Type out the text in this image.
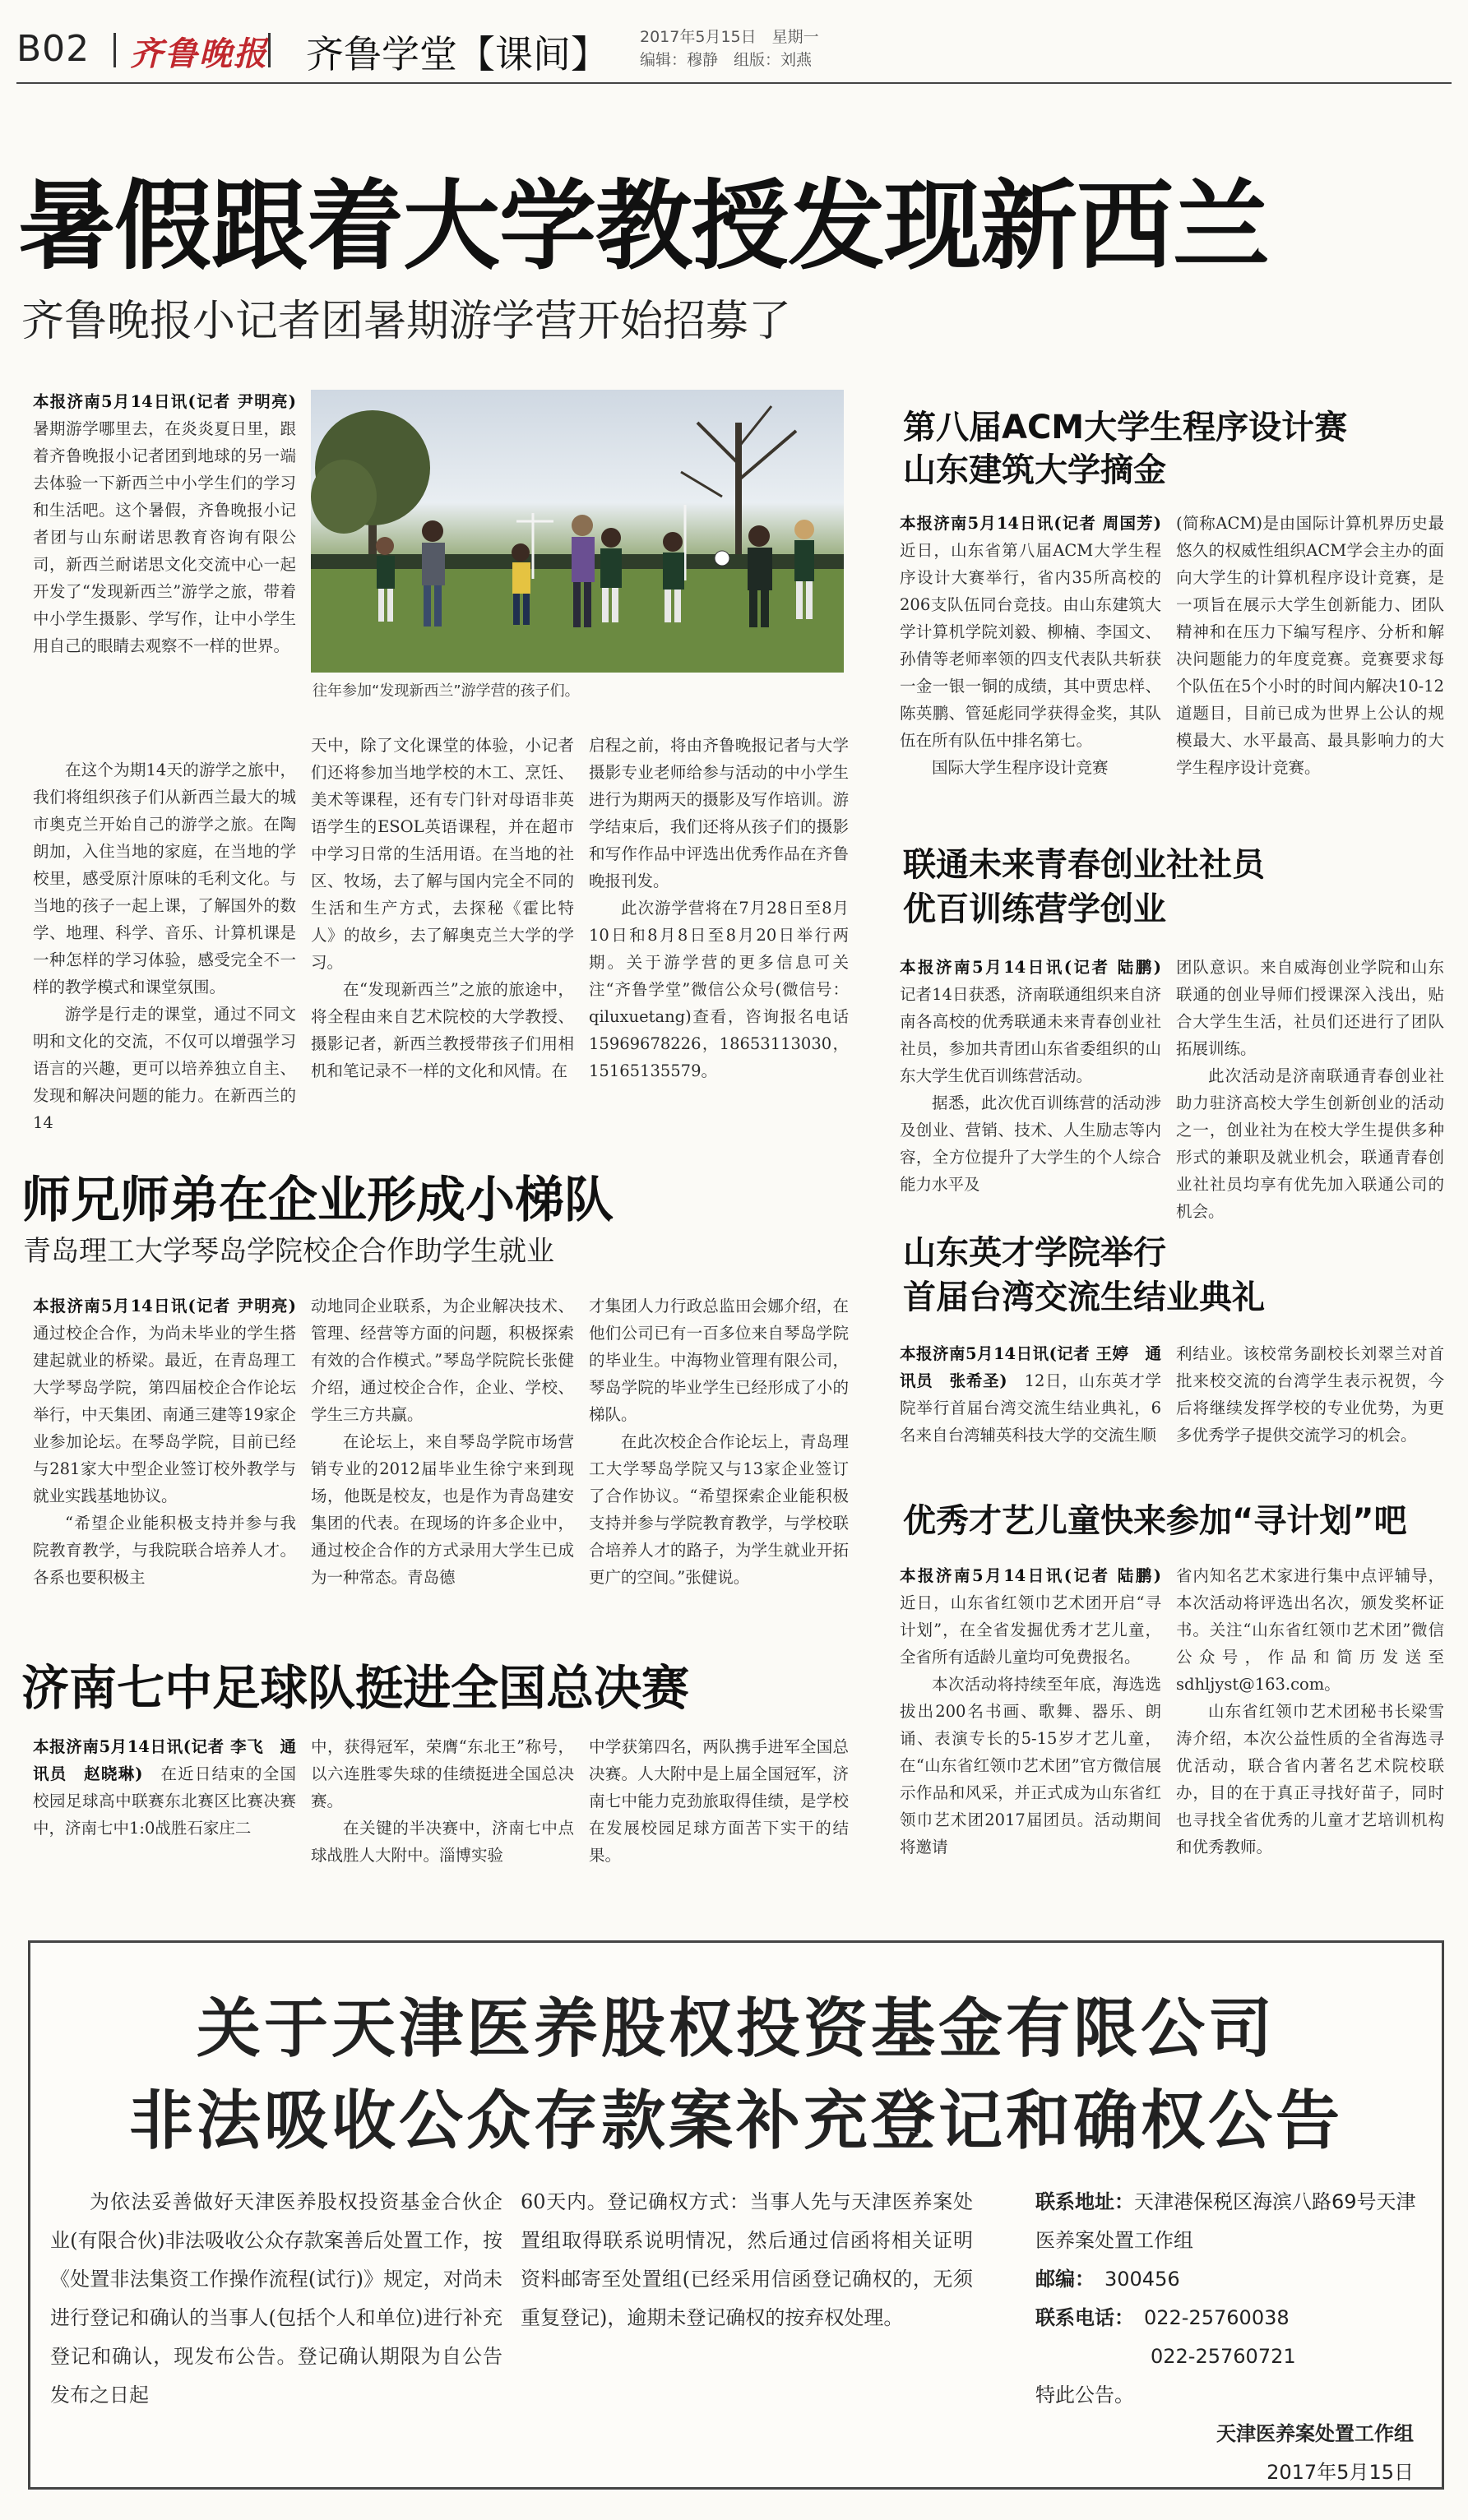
B02 齐鲁晚报 齐鲁学堂【课间】 2017年5月15日　星期一
编辑：穆静　组版：刘燕
暑假跟着大学教授发现新西兰
齐鲁晚报小记者团暑期游学营开始招募了

本报济南5月14日讯(记者 尹明亮)　暑期游学哪里去，在炎炎夏日里，跟着齐鲁晚报小记者团到地球的另一端去体验一下新西兰中小学生们的学习和生活吧。这个暑假，齐鲁晚报小记者团与山东耐诺思教育咨询有限公司，新西兰耐诺思文化交流中心一起开发了“发现新西兰”游学之旅，带着中小学生摄影、学写作，让中小学生用自己的眼睛去观察不一样的世界。

往年参加“发现新西兰”游学营的孩子们。

在这个为期14天的游学之旅中，我们将组织孩子们从新西兰最大的城市奥克兰开始自己的游学之旅。在陶朗加，入住当地的家庭，在当地的学校里，感受原汁原味的毛利文化。与当地的孩子一起上课，了解国外的数学、地理、科学、音乐、计算机课是一种怎样的学习体验，感受完全不一样的教学模式和课堂氛围。

游学是行走的课堂，通过不同文明和文化的交流，不仅可以增强学习语言的兴趣，更可以培养独立自主、发现和解决问题的能力。在新西兰的14

天中，除了文化课堂的体验，小记者们还将参加当地学校的木工、烹饪、美术等课程，还有专门针对母语非英语学生的ESOL英语课程，并在超市中学习日常的生活用语。在当地的社区、牧场，去了解与国内完全不同的生活和生产方式，去探秘《霍比特人》的故乡，去了解奥克兰大学的学习。

在“发现新西兰”之旅的旅途中，将全程由来自艺术院校的大学教授、摄影记者，新西兰教授带孩子们用相机和笔记录不一样的文化和风情。在

启程之前，将由齐鲁晚报记者与大学摄影专业老师给参与活动的中小学生进行为期两天的摄影及写作培训。游学结束后，我们还将从孩子们的摄影和写作作品中评选出优秀作品在齐鲁晚报刊发。

此次游学营将在7月28日至8月10日和8月8日至8月20日举行两期。关于游学营的更多信息可关注“齐鲁学堂”微信公众号(微信号：qiluxuetang)查看，咨询报名电话15969678226，18653113030，15165135579。

第八届ACM大学生程序设计赛
山东建筑大学摘金

本报济南5月14日讯(记者 周国芳)　近日，山东省第八届ACM大学生程序设计大赛举行，省内35所高校的206支队伍同台竞技。由山东建筑大学计算机学院刘毅、柳楠、李国文、孙倩等老师率领的四支代表队共斩获一金一银一铜的成绩，其中贾忠样、陈英鹏、管延彪同学获得金奖，其队伍在所有队伍中排名第七。

国际大学生程序设计竞赛

(简称ACM)是由国际计算机界历史最悠久的权威性组织ACM学会主办的面向大学生的计算机程序设计竞赛，是一项旨在展示大学生创新能力、团队精神和在压力下编写程序、分析和解决问题能力的年度竞赛。竞赛要求每个队伍在5个小时的时间内解决10-12道题目，目前已成为世界上公认的规模最大、水平最高、最具影响力的大学生程序设计竞赛。

联通未来青春创业社社员
优百训练营学创业

本报济南5月14日讯(记者 陆鹏)　记者14日获悉，济南联通组织来自济南各高校的优秀联通未来青春创业社社员，参加共青团山东省委组织的山东大学生优百训练营活动。

据悉，此次优百训练营的活动涉及创业、营销、技术、人生励志等内容，全方位提升了大学生的个人综合能力水平及

团队意识。来自威海创业学院和山东联通的创业导师们授课深入浅出，贴合大学生生活，社员们还进行了团队拓展训练。

此次活动是济南联通青春创业社助力驻济高校大学生创新创业的活动之一，创业社为在校大学生提供多种形式的兼职及就业机会，联通青春创业社社员均享有优先加入联通公司的机会。

师兄师弟在企业形成小梯队
青岛理工大学琴岛学院校企合作助学生就业

本报济南5月14日讯(记者 尹明亮)　通过校企合作，为尚未毕业的学生搭建起就业的桥梁。最近，在青岛理工大学琴岛学院，第四届校企合作论坛举行，中天集团、南通三建等19家企业参加论坛。在琴岛学院，目前已经与281家大中型企业签订校外教学与就业实践基地协议。

“希望企业能积极支持并参与我院教育教学，与我院联合培养人才。各系也要积极主

动地同企业联系，为企业解决技术、管理、经营等方面的问题，积极探索有效的合作模式。”琴岛学院院长张健介绍，通过校企合作，企业、学校、学生三方共赢。

在论坛上，来自琴岛学院市场营销专业的2012届毕业生徐宁来到现场，他既是校友，也是作为青岛建安集团的代表。在现场的许多企业中，通过校企合作的方式录用大学生已成为一种常态。青岛德

才集团人力行政总监田会娜介绍，在他们公司已有一百多位来自琴岛学院的毕业生。中海物业管理有限公司，琴岛学院的毕业学生已经形成了小的梯队。

在此次校企合作论坛上，青岛理工大学琴岛学院又与13家企业签订了合作协议。“希望探索企业能积极支持并参与学院教育教学，与学校联合培养人才的路子，为学生就业开拓更广的空间。”张健说。

山东英才学院举行
首届台湾交流生结业典礼

本报济南5月14日讯(记者 王婷　通讯员　张希圣)　 12日，山东英才学院举行首届台湾交流生结业典礼，6名来自台湾辅英科技大学的交流生顺

利结业。该校常务副校长刘翠兰对首批来校交流的台湾学生表示祝贺，今后将继续发挥学校的专业优势，为更多优秀学子提供交流学习的机会。

优秀才艺儿童快来参加“寻计划”吧

本报济南5月14日讯(记者 陆鹏)　近日，山东省红领巾艺术团开启“寻计划”，在全省发掘优秀才艺儿童，全省所有适龄儿童均可免费报名。

本次活动将持续至年底，海选选拔出200名书画、歌舞、器乐、朗诵、表演专长的5-15岁才艺儿童，在“山东省红领巾艺术团”官方微信展示作品和风采，并正式成为山东省红领巾艺术团2017届团员。活动期间将邀请

省内知名艺术家进行集中点评辅导，本次活动将评选出名次，颁发奖杯证书。关注“山东省红领巾艺术团”微信公众号，作品和简历发送至sdhljyst@163.com。

山东省红领巾艺术团秘书长梁雪涛介绍，本次公益性质的全省海选寻优活动，联合省内著名艺术院校联办，目的在于真正寻找好苗子，同时也寻找全省优秀的儿童才艺培训机构和优秀教师。

济南七中足球队挺进全国总决赛

本报济南5月14日讯(记者 李飞　通讯员　赵晓琳)　 在近日结束的全国校园足球高中联赛东北赛区比赛决赛中，济南七中1:0战胜石家庄二

中，获得冠军，荣膺“东北王”称号，以六连胜零失球的佳绩挺进全国总决赛。

在关键的半决赛中，济南七中点球战胜人大附中。淄博实验

中学获第四名，两队携手进军全国总决赛。人大附中是上届全国冠军，济南七中能力克劲旅取得佳绩，是学校在发展校园足球方面苦下实干的结果。

关于天津医养股权投资基金有限公司
非法吸收公众存款案补充登记和确权公告

为依法妥善做好天津医养股权投资基金合伙企业(有限合伙)非法吸收公众存款案善后处置工作，按《处置非法集资工作操作流程(试行)》规定，对尚未进行登记和确认的当事人(包括个人和单位)进行补充登记和确认，现发布公告。登记确认期限为自公告发布之日起

60天内。登记确权方式：当事人先与天津医养案处置组取得联系说明情况，然后通过信函将相关证明资料邮寄至处置组(已经采用信函登记确权的，无须重复登记)，逾期未登记确权的按弃权处理。

联系地址：天津港保税区海滨八路69号天津医养案处置工作组
邮编：　 300456
联系电话：　 022-25760038
022-25760721
特此公告。
天津医养案处置工作组
2017年5月15日
